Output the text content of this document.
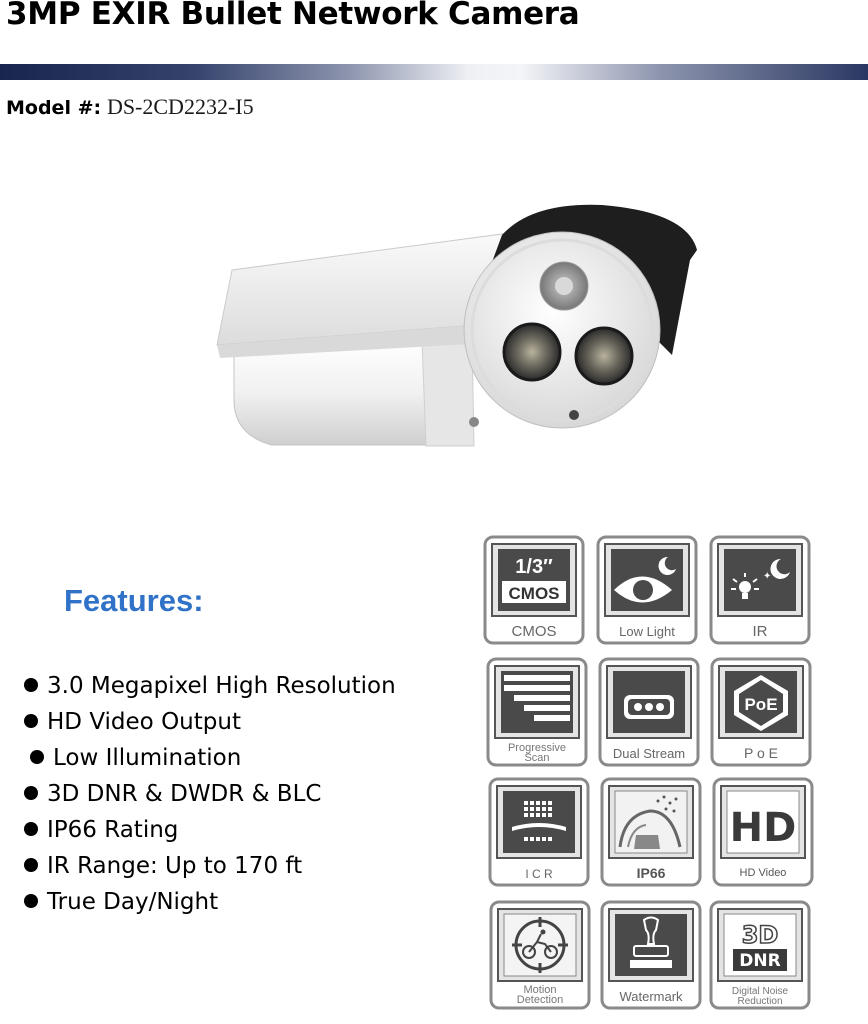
3MP EXIR Bullet Network Camera
Model #: DS-2CD2232-I5
Features:
3.0 Megapixel High Resolution
HD Video Output
Low Illumination
3D DNR & DWDR & BLC
IP66 Rating
IR Range: Up to 170 ft
True Day/Night
1/3″
CMOS
CMOS
✦
Low Light
✦
IR
Progressive
Scan	Dual Stream
PoE
P o E
I C R	IP66
HD
HD Video
Motion
Detection	Watermark
3D
DNR
Digital Noise
Reduction
